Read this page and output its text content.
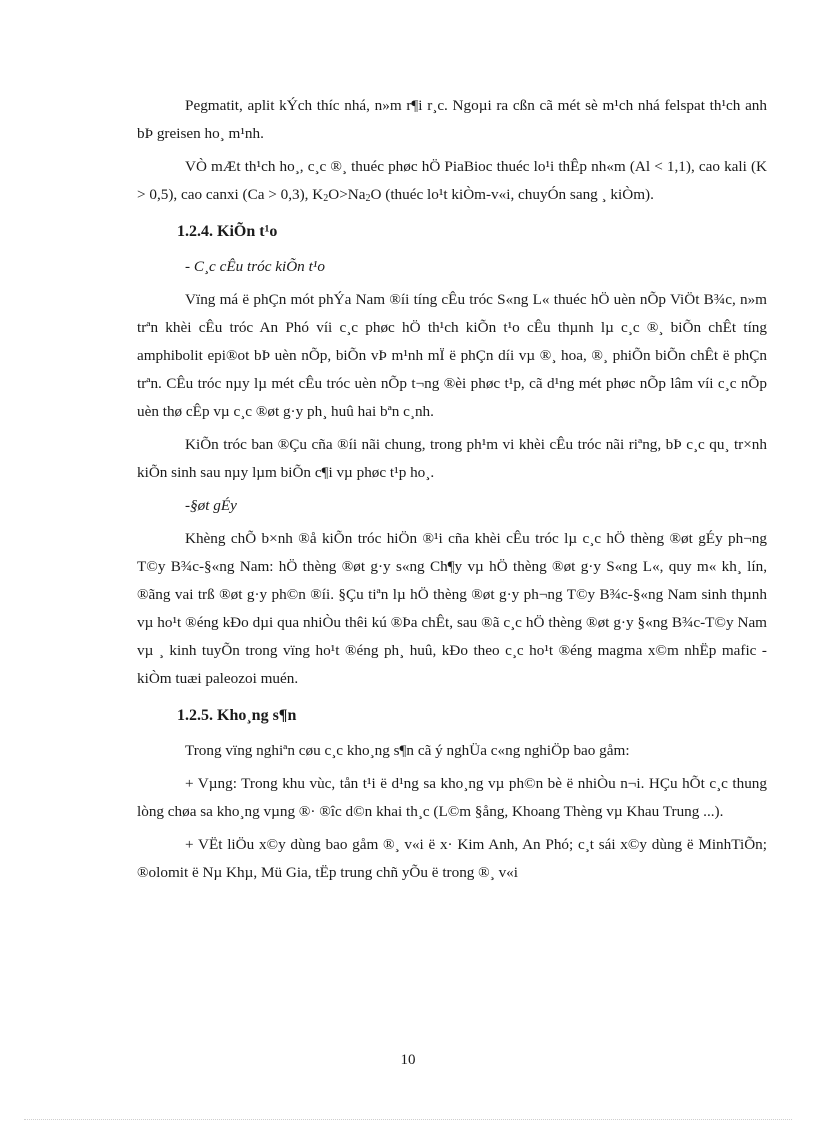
Pegmatit, aplit kÝch thíc nhá, n»m r¶i r¸c. Ngoµi ra cßn cã mét sè m¹ch nhá felspat th¹ch anh bÞ greisen ho¸ m¹nh.

VÒ mÆt th¹ch ho¸, c¸c ®¸ thuéc phøc hÖ PiaBioc thuéc lo¹i thÊp nh«m (Al < 1,1), cao kali (K > 0,5), cao canxi (Ca > 0,3), $K_2O>Na_2O$ (thuéc lo¹t kiÒm-v«i, chuyÓn sang ¸ kiÒm).

1.2.4. KiÕn t¹o

- C¸c cÊu tróc kiÕn t¹o

Vïng má ë phÇn mót phÝa Nam ®íi tíng cÊu tróc S«ng L« thuéc hÖ uèn nÕp ViÖt B¾c, n»m trªn khèi cÊu tróc An Phó víi c¸c phøc hÖ th¹ch kiÕn t¹o cÊu thµnh lµ c¸c ®¸ biÕn chÊt tíng amphibolit epi®ot bÞ uèn nÕp, biÕn vÞ m¹nh mÏ ë phÇn díi vµ ®¸ hoa, ®¸ phiÕn biÕn chÊt ë phÇn trªn. CÊu tróc nµy lµ mét cÊu tróc uèn nÕp t¬ng ®èi phøc t¹p, cã d¹ng mét phøc nÕp lâm víi c¸c nÕp uèn thø cÊp vµ c¸c ®øt g·y ph¸ huû hai bªn c¸nh.

KiÕn tróc ban ®Çu cña ®íi nãi chung, trong ph¹m vi khèi cÊu tróc nãi riªng, bÞ c¸c qu¸ tr×nh kiÕn sinh sau nµy lµm biÕn c¶i vµ phøc t¹p ho¸.

-§øt gÉy

Khèng chÕ b×nh ®å kiÕn tróc hiÖn ®¹i cña khèi cÊu tróc lµ c¸c hÖ thèng ®øt gÉy ph¬ng T©y B¾c-§«ng Nam: hÖ thèng ®øt g·y s«ng Ch¶y vµ hÖ thèng ®øt g·y S«ng L«, quy m« kh¸ lín, ®ãng vai trß ®øt g·y ph©n ®íi. §Çu tiªn lµ hÖ thèng ®øt g·y ph¬ng T©y B¾c-§«ng Nam sinh thµnh vµ ho¹t ®éng kÐo dµi qua nhiÒu thêi kú ®Þa chÊt, sau ®ã c¸c hÖ thèng ®øt g·y §«ng B¾c-T©y Nam vµ ¸ kinh tuyÕn trong vïng ho¹t ®éng ph¸ huû, kÐo theo c¸c ho¹t ®éng magma x©m nhËp mafic - kiÒm tuæi paleozoi muén.

1.2.5. Kho¸ng s¶n

Trong vïng nghiªn cøu c¸c kho¸ng s¶n cã ý nghÜa c«ng nghiÖp bao gåm:

+ Vµng: Trong khu vùc, tån t¹i ë d¹ng sa kho¸ng vµ ph©n bè ë nhiÒu n¬i. HÇu hÕt c¸c thung lòng chøa sa kho¸ng vµng ®· ®îc d©n khai th¸c (L©m §ång, Khoang Thèng vµ Khau Trung ...).

+ VËt liÖu x©y dùng bao gåm ®¸ v«i ë x· Kim Anh, An Phó; c¸t sái x©y dùng ë MinhTiÕn; ®olomit ë Nµ Khµ, Mü Gia, tËp trung chñ yÕu ë trong ®¸ v«i

10
